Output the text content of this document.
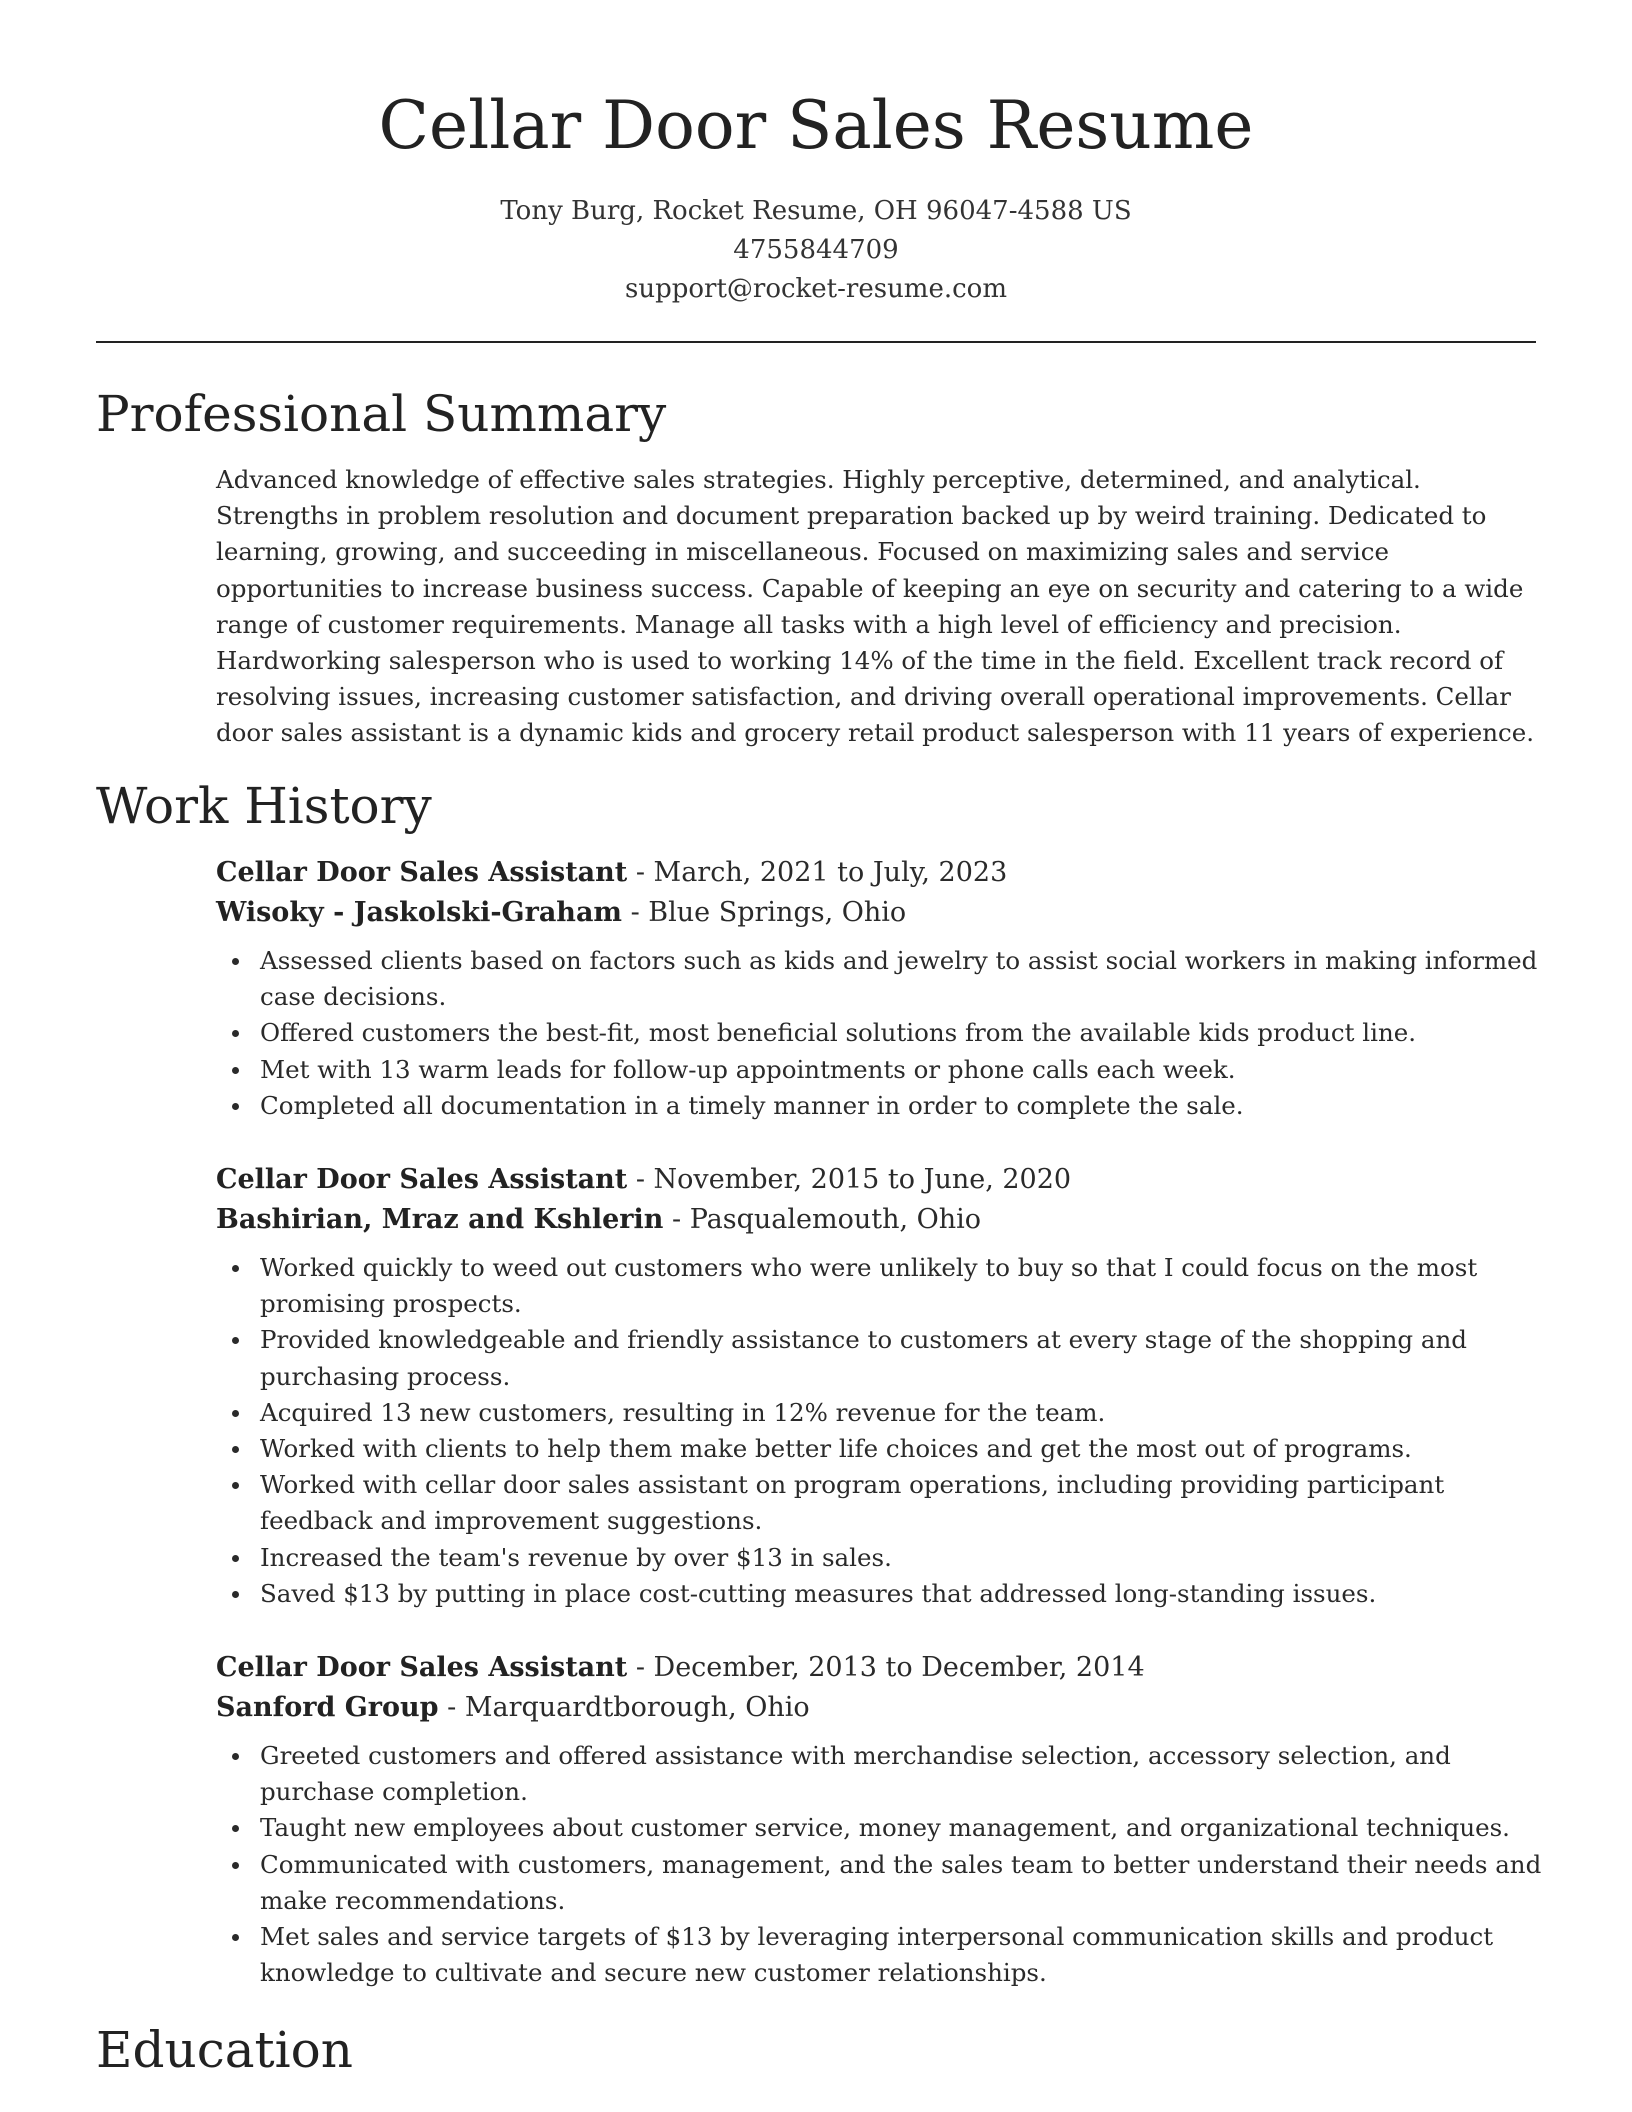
Cellar Door Sales Resume
Tony Burg, Rocket Resume, OH 96047-4588 US
4755844709
support@rocket-resume.com
Professional Summary

Advanced knowledge of effective sales strategies. Highly perceptive, determined, and analytical. Strengths in problem resolution and document preparation backed up by weird training. Dedicated to learning, growing, and succeeding in miscellaneous. Focused on maximizing sales and service opportunities to increase business success. Capable of keeping an eye on security and catering to a wide range of customer requirements. Manage all tasks with a high level of efficiency and precision. Hardworking salesperson who is used to working 14% of the time in the field. Excellent track record of resolving issues, increasing customer satisfaction, and driving overall operational improvements. Cellar door sales assistant is a dynamic kids and grocery retail product salesperson with 11 years of experience.

Work History
Cellar Door Sales Assistant - March, 2021 to July, 2023
Wisoky - Jaskolski-Graham - Blue Springs, Ohio
Assessed clients based on factors such as kids and jewelry to assist social workers in making informed case decisions.
Offered customers the best-fit, most beneficial solutions from the available kids product line.
Met with 13 warm leads for follow-up appointments or phone calls each week.
Completed all documentation in a timely manner in order to complete the sale.
Cellar Door Sales Assistant - November, 2015 to June, 2020
Bashirian, Mraz and Kshlerin - Pasqualemouth, Ohio
Worked quickly to weed out customers who were unlikely to buy so that I could focus on the most promising prospects.
Provided knowledgeable and friendly assistance to customers at every stage of the shopping and purchasing process.
Acquired 13 new customers, resulting in 12% revenue for the team.
Worked with clients to help them make better life choices and get the most out of programs.
Worked with cellar door sales assistant on program operations, including providing participant feedback and improvement suggestions.
Increased the team's revenue by over $13 in sales.
Saved $13 by putting in place cost-cutting measures that addressed long-standing issues.
Cellar Door Sales Assistant - December, 2013 to December, 2014
Sanford Group - Marquardtborough, Ohio
Greeted customers and offered assistance with merchandise selection, accessory selection, and purchase completion.
Taught new employees about customer service, money management, and organizational techniques.
Communicated with customers, management, and the sales team to better understand their needs and make recommendations.
Met sales and service targets of $13 by leveraging interpersonal communication skills and product knowledge to cultivate and secure new customer relationships.
Education
